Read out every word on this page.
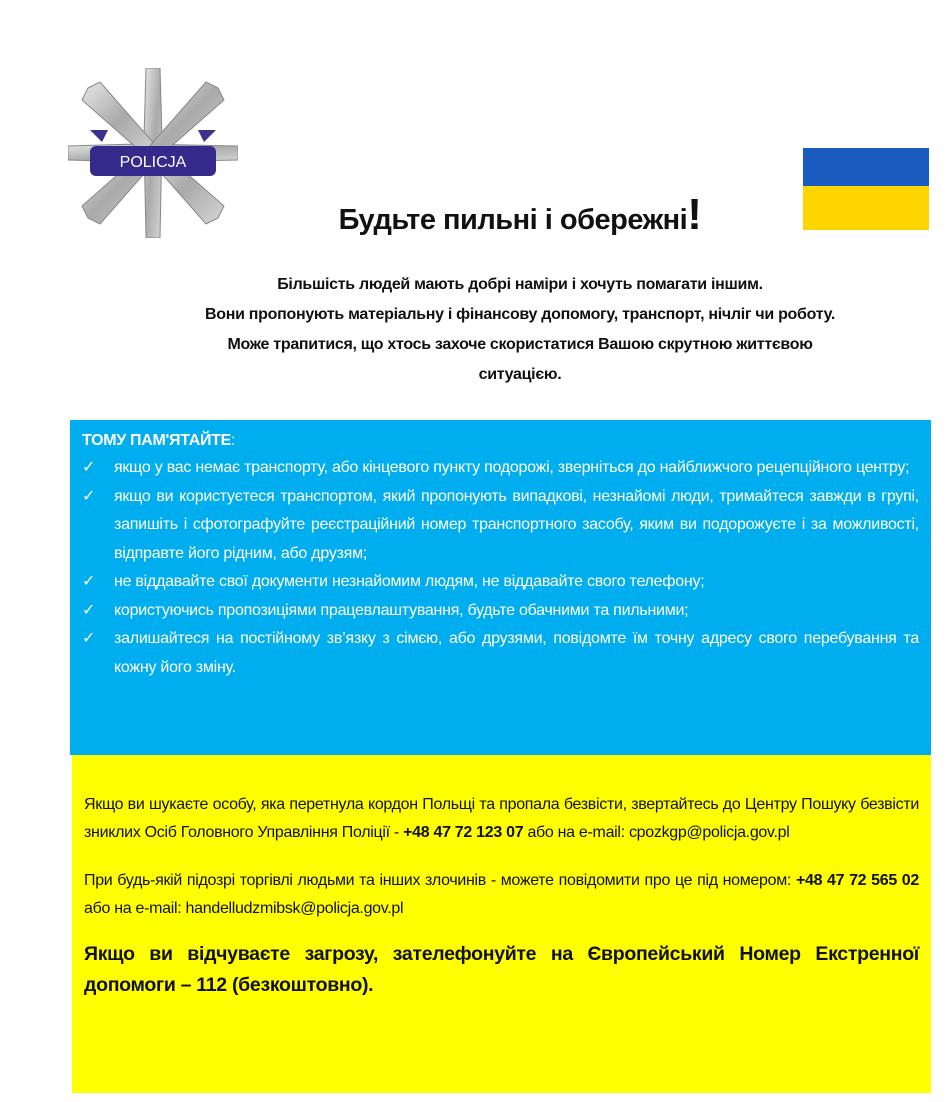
POLICJA
Будьте пильні і обережні!
Більшість людей мають добрі наміри і хочуть помагати іншим.
Вони пропонують матеріальну і фінансову допомогу, транспорт, нічліг чи роботу.
Може трапитися, що хтось захоче скористатися Вашою скрутною життєвою
ситуацією.
ТОМУ ПАМ'ЯТАЙТЕ:
✓ якщо у вас немає транспорту, або кінцевого пункту подорожі, зверніться до найближчого рецепційного центру;
✓ якщо ви користуєтеся транспортом, який пропонують випадкові, незнайомі люди, тримайтеся завжди в групі, запишіть і сфотографуйте реєстраційний номер транспортного засобу, яким ви подорожуєте і за можливості, відправте його рідним, або друзям;
✓ не віддавайте свої документи незнайомим людям, не віддавайте свого телефону;
✓ користуючись пропозиціями працевлаштування, будьте обачними та пильними;
✓ залишайтеся на постійному зв’язку з сімєю, або друзями, повідомте їм точну адресу свого перебування та кожну його зміну.

Якщо ви шукаєте особу, яка перетнула кордон Польщі та пропала безвісти, звертайтесь до Центру Пошуку безвісти зниклих Осіб Головного Управління Поліції - +48 47 72 123 07 або на e-mail: cpozkgp@policja.gov.pl

При будь-якій підозрі торгівлі людьми та інших злочинів - можете повідомити про це під номером: +48 47 72 565 02 або на e-mail: handelludzmibsk@policja.gov.pl

Якщо ви відчуваєте загрозу, зателефонуйте на Європейський Номер Екстренної допомоги – 112 (безкоштовно).
